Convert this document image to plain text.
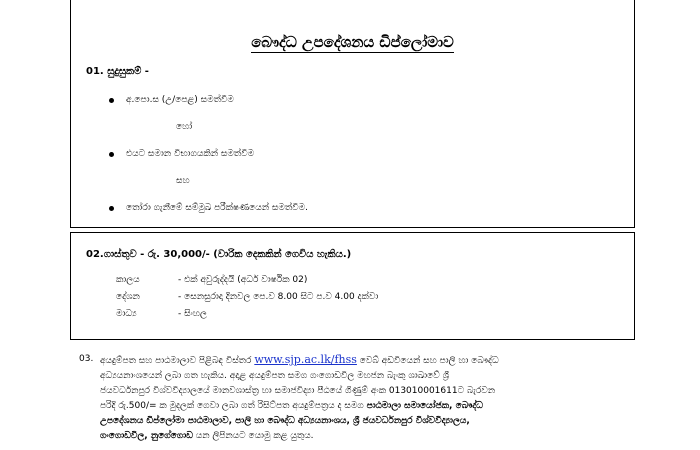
බෞද්ධ උපදේශනය ඩිප්ලෝමාව
01. සුදුසුකම් -
අ.පො.ස (උ/පෙළ) සමත්වීම
හෝ
එයට සමාන විභාගයකින් සමත්වීම
සහ
තෝරා ගැනීමේ සම්මුඛ පරීක්ෂණයෙන් සමත්වීම.
02.ගාස්තුව - රු. 30,000/- (වාරික දෙකකින් ගෙවිය හැකිය.)
කාලය	- එක් අවුරුද්දයි (අර්ධ වාර්ෂික 02)
දේශන	- සෙනසුරාදා දිනවල පෙ.ව 8.00 සිට ප.ව 4.00 දක්වා
මාධ්‍ය	- සිංහල
03. අයදුම්පත සහ පාඨමාලාව පිළිබඳ විස්තර www.sjp.ac.lk/fhss වෙබ් අඩවියෙන් සහ පාලි හා බෞද්ධ
අධ්‍යයනාංශයෙන් ලබා ගත හැකිය. අදාළ අයදුම්පත සමග ගංගොඩවිල මහජන බැංකු ශාඛාවේ ශ්‍රී
ජයවර්ධනපුර විශ්වවිද්‍යාලයේ මානවශාස්ත්‍ර හා සමාජවිද්‍යා පීඨයේ ගිණුම් අංක 013010001611ට බැරවන
පරිදි රු.500/= ක මුදලක් ගෙවා ලබා ගත් රිසිට්පත අයදුම්පත්‍රය ද සමග පාඨමාලා සමායෝජක, බෞද්ධ
උපදේශනය ඩිප්ලෝමා පාඨමාලාව, පාලි හා බෞද්ධ අධ්‍යයනාංශය, ශ්‍රී ජයවර්ධනපුර විශ්වවිද්‍යාලය,
ගංගොඩවිල, නුගේගොඩ යන ලිපිනයට යොමු කළ යුතුය.
